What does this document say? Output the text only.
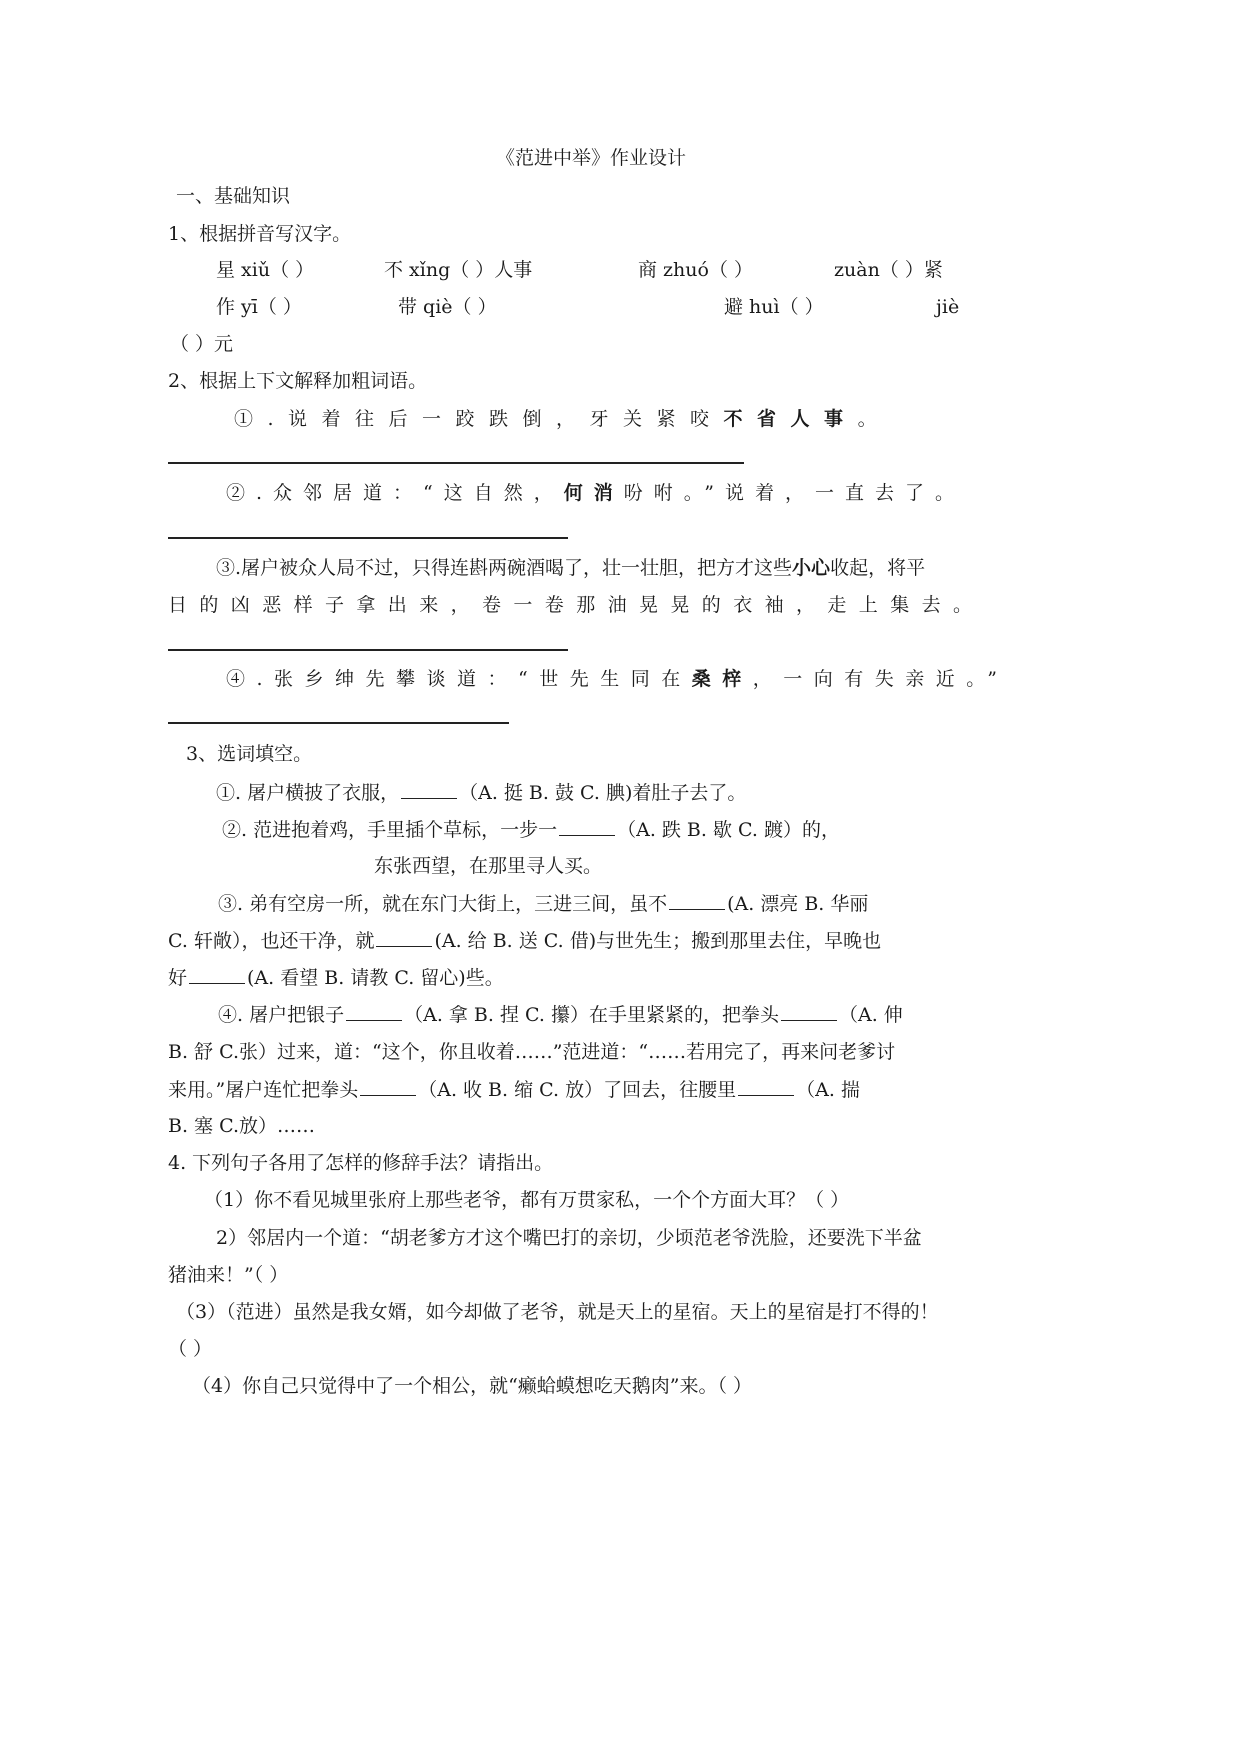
《范进中举》作业设计
一、基础知识
1、根据拼音写汉字。
星 xiǔ（ ）	不 xǐng（ ）人事	商 zhuó（ ）	zuàn（ ）紧
作 yī（ ）	带 qiè（ ）	避 huì（ ）	jiè
（ ）元
2、根据上下文解释加粗词语。
①.说着往后一跤跌倒，牙关紧咬不省人事。
②.众邻居道：“这自然，何消吩咐。”说着，一直去了。
③.屠户被众人局不过，只得连斟两碗酒喝了，壮一壮胆，把方才这些小心收起，将平
日的凶恶样子拿出来，卷一卷那油晃晃的衣袖，走上集去。
④.张乡绅先攀谈道：“世先生同在桑梓，一向有失亲近。”
3、选词填空。
①. 屠户横披了衣服，	（A. 挺 B. 鼓 C. 腆)着肚子去了。
②. 范进抱着鸡，手里插个草标，一步一	（A. 跌 B. 歇 C. 踱）的，
东张西望，在那里寻人买。
③. 弟有空房一所，就在东门大街上，三进三间，虽不	(A. 漂亮 B. 华丽
C. 轩敞），也还干净，就	(A. 给 B. 送 C. 借)与世先生；搬到那里去住，早晚也
好	(A. 看望 B. 请教 C. 留心)些。
④. 屠户把银子	（A. 拿 B. 捏 C. 攥）在手里紧紧的，把拳头	（A. 伸
B. 舒 C.张）过来，道：“这个，你且收着……”范进道：“……若用完了，再来问老爹讨
来用。”屠户连忙把拳头	（A. 收 B. 缩 C. 放）了回去，往腰里	（A. 揣
B. 塞 C.放）……
4. 下列句子各用了怎样的修辞手法？请指出。
（1）你不看见城里张府上那些老爷，都有万贯家私，一个个方面大耳？（ ）
2）邻居内一个道：“胡老爹方才这个嘴巴打的亲切，少顷范老爷洗脸，还要洗下半盆
猪油来！”（ ）
（3）（范进）虽然是我女婿，如今却做了老爷，就是天上的星宿。天上的星宿是打不得的！
（ ）
（4）你自己只觉得中了一个相公，就“癞蛤蟆想吃天鹅肉”来。（ ）
